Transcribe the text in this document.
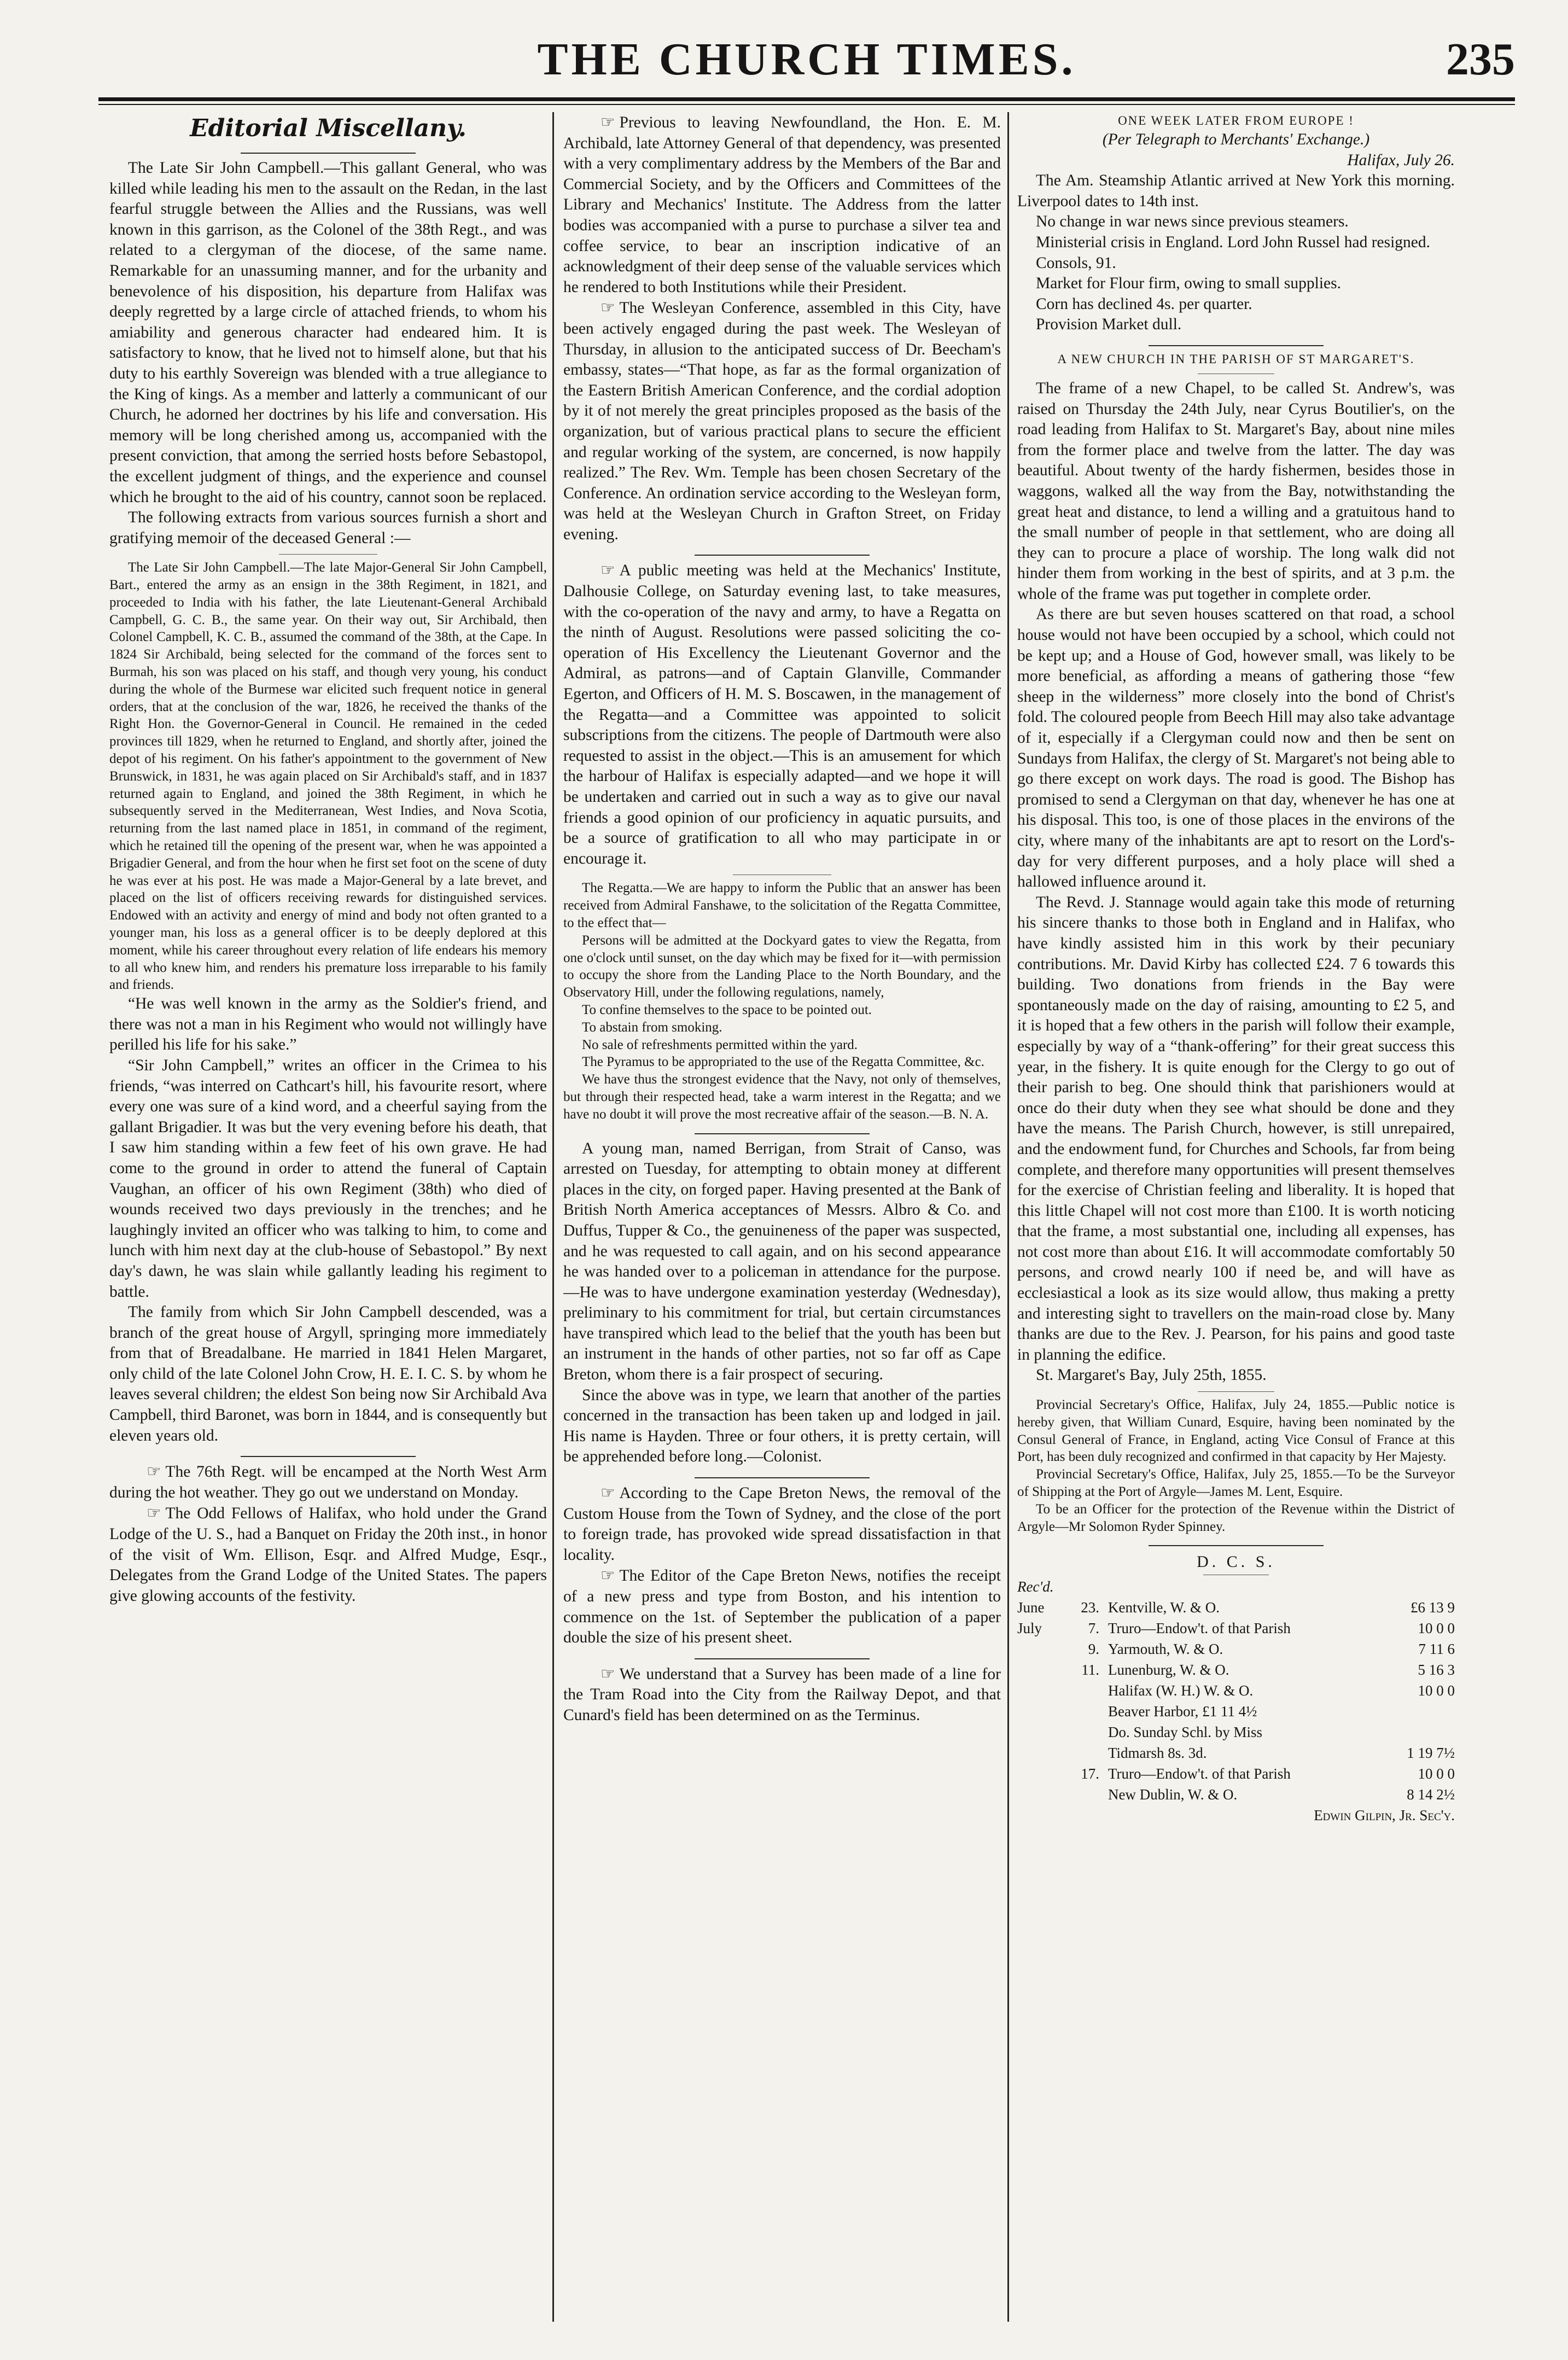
THE CHURCH TIMES.	235
Editorial Miscellany.

The Late Sir John Campbell.—This gallant General, who was killed while leading his men to the assault on the Redan, in the last fearful struggle between the Allies and the Russians, was well known in this garrison, as the Colonel of the 38th Regt., and was related to a clergyman of the diocese, of the same name. Remarkable for an unassuming manner, and for the urbanity and benevolence of his disposition, his departure from Halifax was deeply regretted by a large circle of attached friends, to whom his amiability and generous character had endeared him. It is satisfactory to know, that he lived not to himself alone, but that his duty to his earthly Sovereign was blended with a true allegiance to the King of kings. As a member and latterly a communicant of our Church, he adorned her doctrines by his life and conversation. His memory will be long cherished among us, accompanied with the present conviction, that among the serried hosts before Sebastopol, the excellent judgment of things, and the experience and counsel which he brought to the aid of his country, cannot soon be replaced.

The following extracts from various sources furnish a short and gratifying memoir of the deceased General :—

The Late Sir John Campbell.—The late Major-General Sir John Campbell, Bart., entered the army as an ensign in the 38th Regiment, in 1821, and proceeded to India with his father, the late Lieutenant-General Archibald Campbell, G. C. B., the same year. On their way out, Sir Archibald, then Colonel Campbell, K. C. B., assumed the command of the 38th, at the Cape. In 1824 Sir Archibald, being selected for the command of the forces sent to Burmah, his son was placed on his staff, and though very young, his conduct during the whole of the Burmese war elicited such frequent notice in general orders, that at the conclusion of the war, 1826, he received the thanks of the Right Hon. the Governor-General in Council. He remained in the ceded provinces till 1829, when he returned to England, and shortly after, joined the depot of his regiment. On his father's appointment to the government of New Brunswick, in 1831, he was again placed on Sir Archibald's staff, and in 1837 returned again to England, and joined the 38th Regiment, in which he subsequently served in the Mediterranean, West Indies, and Nova Scotia, returning from the last named place in 1851, in command of the regiment, which he retained till the opening of the present war, when he was appointed a Brigadier General, and from the hour when he first set foot on the scene of duty he was ever at his post. He was made a Major-General by a late brevet, and placed on the list of officers receiving rewards for distinguished services. Endowed with an activity and energy of mind and body not often granted to a younger man, his loss as a general officer is to be deeply deplored at this moment, while his career throughout every relation of life endears his memory to all who knew him, and renders his premature loss irreparable to his family and friends.

“He was well known in the army as the Soldier's friend, and there was not a man in his Regiment who would not willingly have perilled his life for his sake.”

“Sir John Campbell,” writes an officer in the Crimea to his friends, “was interred on Cathcart's hill, his favourite resort, where every one was sure of a kind word, and a cheerful saying from the gallant Brigadier. It was but the very evening before his death, that I saw him standing within a few feet of his own grave. He had come to the ground in order to attend the funeral of Captain Vaughan, an officer of his own Regiment (38th) who died of wounds received two days previously in the trenches; and he laughingly invited an officer who was talking to him, to come and lunch with him next day at the club-house of Sebastopol.” By next day's dawn, he was slain while gallantly leading his regiment to battle.

The family from which Sir John Campbell descended, was a branch of the great house of Argyll, springing more immediately from that of Breadalbane. He married in 1841 Helen Margaret, only child of the late Colonel John Crow, H. E. I. C. S. by whom he leaves several children; the eldest Son being now Sir Archibald Ava Campbell, third Baronet, was born in 1844, and is consequently but eleven years old.

☞ The 76th Regt. will be encamped at the North West Arm during the hot weather. They go out we understand on Monday.

☞ The Odd Fellows of Halifax, who hold under the Grand Lodge of the U. S., had a Banquet on Friday the 20th inst., in honor of the visit of Wm. Ellison, Esqr. and Alfred Mudge, Esqr., Delegates from the Grand Lodge of the United States. The papers give glowing accounts of the festivity.

☞ Previous to leaving Newfoundland, the Hon. E. M. Archibald, late Attorney General of that dependency, was presented with a very complimentary address by the Members of the Bar and Commercial Society, and by the Officers and Committees of the Library and Mechanics' Institute. The Address from the latter bodies was accompanied with a purse to purchase a silver tea and coffee service, to bear an inscription indicative of an acknowledgment of their deep sense of the valuable services which he rendered to both Institutions while their President.

☞ The Wesleyan Conference, assembled in this City, have been actively engaged during the past week. The Wesleyan of Thursday, in allusion to the anticipated success of Dr. Beecham's embassy, states—“That hope, as far as the formal organization of the Eastern British American Conference, and the cordial adoption by it of not merely the great principles proposed as the basis of the organization, but of various practical plans to secure the efficient and regular working of the system, are concerned, is now happily realized.” The Rev. Wm. Temple has been chosen Secretary of the Conference. An ordination service according to the Wesleyan form, was held at the Wesleyan Church in Grafton Street, on Friday evening.

☞ A public meeting was held at the Mechanics' Institute, Dalhousie College, on Saturday evening last, to take measures, with the co-operation of the navy and army, to have a Regatta on the ninth of August. Resolutions were passed soliciting the co-operation of His Excellency the Lieutenant Governor and the Admiral, as patrons—and of Captain Glanville, Commander Egerton, and Officers of H. M. S. Boscawen, in the management of the Regatta—and a Committee was appointed to solicit subscriptions from the citizens. The people of Dartmouth were also requested to assist in the object.—This is an amusement for which the harbour of Halifax is especially adapted—and we hope it will be undertaken and carried out in such a way as to give our naval friends a good opinion of our proficiency in aquatic pursuits, and be a source of gratification to all who may participate in or encourage it.

The Regatta.—We are happy to inform the Public that an answer has been received from Admiral Fanshawe, to the solicitation of the Regatta Committee, to the effect that—

Persons will be admitted at the Dockyard gates to view the Regatta, from one o'clock until sunset, on the day which may be fixed for it—with permission to occupy the shore from the Landing Place to the North Boundary, and the Observatory Hill, under the following regulations, namely,

To confine themselves to the space to be pointed out.

To abstain from smoking.

No sale of refreshments permitted within the yard.

The Pyramus to be appropriated to the use of the Regatta Committee, &c.

We have thus the strongest evidence that the Navy, not only of themselves, but through their respected head, take a warm interest in the Regatta; and we have no doubt it will prove the most recreative affair of the season.—B. N. A.

A young man, named Berrigan, from Strait of Canso, was arrested on Tuesday, for attempting to obtain money at different places in the city, on forged paper. Having presented at the Bank of British North America acceptances of Messrs. Albro & Co. and Duffus, Tupper & Co., the genuineness of the paper was suspected, and he was requested to call again, and on his second appearance he was handed over to a policeman in attendance for the purpose.—He was to have undergone examination yesterday (Wednesday), preliminary to his commitment for trial, but certain circumstances have transpired which lead to the belief that the youth has been but an instrument in the hands of other parties, not so far off as Cape Breton, whom there is a fair prospect of securing.

Since the above was in type, we learn that another of the parties concerned in the transaction has been taken up and lodged in jail. His name is Hayden. Three or four others, it is pretty certain, will be apprehended before long.—Colonist.

☞ According to the Cape Breton News, the removal of the Custom House from the Town of Sydney, and the close of the port to foreign trade, has provoked wide spread dissatisfaction in that locality.

☞ The Editor of the Cape Breton News, notifies the receipt of a new press and type from Boston, and his intention to commence on the 1st. of September the publication of a paper double the size of his present sheet.

☞ We understand that a Survey has been made of a line for the Tram Road into the City from the Railway Depot, and that Cunard's field has been determined on as the Terminus.

ONE WEEK LATER FROM EUROPE !

(Per Telegraph to Merchants' Exchange.)

Halifax, July 26.

The Am. Steamship Atlantic arrived at New York this morning. Liverpool dates to 14th inst.

No change in war news since previous steamers.

Ministerial crisis in England. Lord John Russel had resigned.

Consols, 91.

Market for Flour firm, owing to small supplies.

Corn has declined 4s. per quarter.

Provision Market dull.

A NEW CHURCH IN THE PARISH OF ST MARGARET'S.

The frame of a new Chapel, to be called St. Andrew's, was raised on Thursday the 24th July, near Cyrus Boutilier's, on the road leading from Halifax to St. Margaret's Bay, about nine miles from the former place and twelve from the latter. The day was beautiful. About twenty of the hardy fishermen, besides those in waggons, walked all the way from the Bay, notwithstanding the great heat and distance, to lend a willing and a gratuitous hand to the small number of people in that settlement, who are doing all they can to procure a place of worship. The long walk did not hinder them from working in the best of spirits, and at 3 p.m. the whole of the frame was put together in complete order.

As there are but seven houses scattered on that road, a school house would not have been occupied by a school, which could not be kept up; and a House of God, however small, was likely to be more beneficial, as affording a means of gathering those “few sheep in the wilderness” more closely into the bond of Christ's fold. The coloured people from Beech Hill may also take advantage of it, especially if a Clergyman could now and then be sent on Sundays from Halifax, the clergy of St. Margaret's not being able to go there except on work days. The road is good. The Bishop has promised to send a Clergyman on that day, whenever he has one at his disposal. This too, is one of those places in the environs of the city, where many of the inhabitants are apt to resort on the Lord's-day for very different purposes, and a holy place will shed a hallowed influence around it.

The Revd. J. Stannage would again take this mode of returning his sincere thanks to those both in England and in Halifax, who have kindly assisted him in this work by their pecuniary contributions. Mr. David Kirby has collected £24. 7 6 towards this building. Two donations from friends in the Bay were spontaneously made on the day of raising, amounting to £2 5, and it is hoped that a few others in the parish will follow their example, especially by way of a “thank-offering” for their great success this year, in the fishery. It is quite enough for the Clergy to go out of their parish to beg. One should think that parishioners would at once do their duty when they see what should be done and they have the means. The Parish Church, however, is still unrepaired, and the endowment fund, for Churches and Schools, far from being complete, and therefore many opportunities will present themselves for the exercise of Christian feeling and liberality. It is hoped that this little Chapel will not cost more than £100. It is worth noticing that the frame, a most substantial one, including all expenses, has not cost more than about £16. It will accommodate comfortably 50 persons, and crowd nearly 100 if need be, and will have as ecclesiastical a look as its size would allow, thus making a pretty and interesting sight to travellers on the main-road close by. Many thanks are due to the Rev. J. Pearson, for his pains and good taste in planning the edifice.

St. Margaret's Bay, July 25th, 1855.

Provincial Secretary's Office, Halifax, July 24, 1855.—Public notice is hereby given, that William Cunard, Esquire, having been nominated by the Consul General of France, in England, acting Vice Consul of France at this Port, has been duly recognized and confirmed in that capacity by Her Majesty.

Provincial Secretary's Office, Halifax, July 25, 1855.—To be the Surveyor of Shipping at the Port of Argyle—James M. Lent, Esquire.

To be an Officer for the protection of the Revenue within the District of Argyle—Mr Solomon Ryder Spinney.

D. C. S.
Rec'd.
June	23. Kentville, W. & O.	£6 13 9
July	7. Truro—Endow't. of that Parish	10 0 0
9. Yarmouth, W. & O.	7 11 6
11. Lunenburg, W. & O.	5 16 3
Halifax (W. H.) W. & O.	10 0 0
Beaver Harbor, £1 11 4½
Do. Sunday Schl. by Miss
Tidmarsh 8s. 3d.	1 19 7½
17. Truro—Endow't. of that Parish	10 0 0
New Dublin, W. & O.	8 14 2½

Edwin Gilpin, Jr. Sec'y.
